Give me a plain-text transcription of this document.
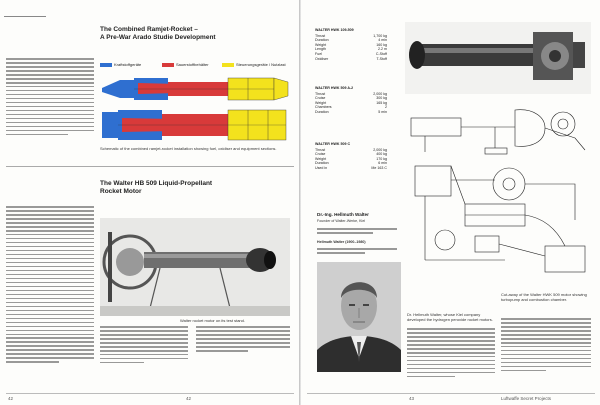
The Combined Ramjet-Rocket –
A Pre-War Arado Studie Development
Kraftstoffgeräte	Sauerstoffbehälter	Steuerungsgeräte / Nutzlast
Schematic of the combined ramjet-rocket installation showing fuel, oxidiser and equipment sections.
The Walter HB 509 Liquid-Propellant
Rocket Motor
Walter rocket motor on its test stand.
42	42
WALTER HWK 109-509
Thrust	1,700 kg
Duration	4 min
Weight	160 kg
Length	2.2 m
Fuel	C-Stoff
Oxidiser	T-Stoff
WALTER HWK 509 A-2
Thrust	2,000 kg
Cruise	300 kg
Weight	165 kg
Chambers	2
Duration	5 min
WALTER HWK 509 C
Thrust	2,000 kg
Cruise	400 kg
Weight	170 kg
Duration	6 min
Used in	Me 163 C
Dr.-Ing. Hellmuth Walter
Founder of Walter-Werke, Kiel
Hellmuth Walter (1900–1980)
Dr. Hellmuth Walter, whose Kiel company developed the hydrogen peroxide rocket motors.
Cut-away of the Walter HWK 509 motor showing turbopump and combustion chamber.
43	Luftwaffe Secret Projects
